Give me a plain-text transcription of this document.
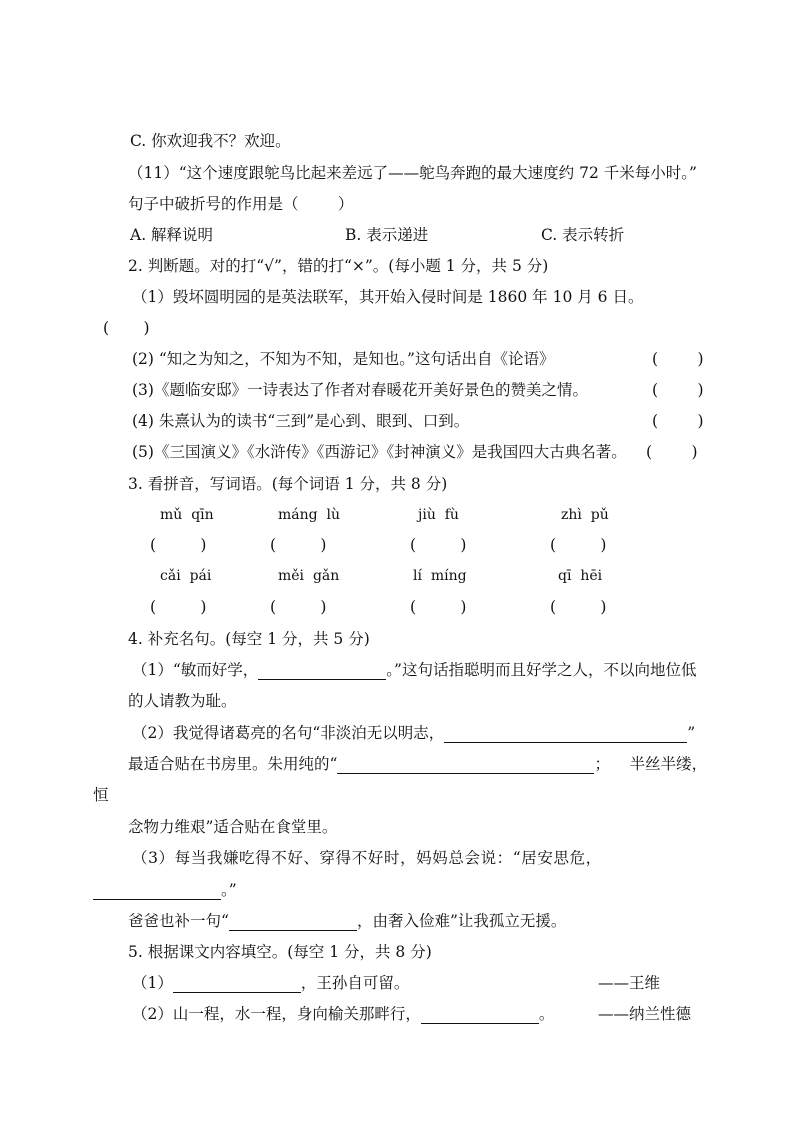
C. 你欢迎我不？欢迎。
（11）“这个速度跟鸵鸟比起来差远了——鸵鸟奔跑的最大速度约 72 千米每小时。”
句子中破折号的作用是（        ）
A. 解释说明	B. 表示递进	C. 表示转折
2. 判断题。对的打“√”，错的打“×”。(每小题 1 分，共 5 分)
（1）毁坏圆明园的是英法联军，其开始入侵时间是 1860 年 10 月 6 日。
(       )
(2) “知之为知之，不知为不知，是知也。”这句话出自《论语》	(        )
(3)《题临安邸》一诗表达了作者对春暖花开美好景色的赞美之情。	(        )
(4) 朱熹认为的读书“三到”是心到、眼到、口到。	(        )
(5)《三国演义》《水浒传》《西游记》《封神演义》是我国四大古典名著。 (        )
3. 看拼音，写词语。(每个词语 1 分，共 8 分)
mǔ  qīn	máng  lù	jiù  fù	zhì  pǔ
(         )	(         )	(         )	(         )
cǎi  pái	měi  gǎn	lí  míng	qī  hēi
(         )	(         )	(         )	(         )
4. 补充名句。(每空 1 分，共 5 分)
（1）“敏而好学，	。”这句话指聪明而且好学之人，不以向地位低
的人请教为耻。
（2）我觉得诸葛亮的名句“非淡泊无以明志，	”
最适合贴在书房里。朱用纯的“	；    半丝半缕，
恒
念物力维艰”适合贴在食堂里。
（3）每当我嫌吃得不好、穿得不好时，妈妈总会说：“居安思危，
。”
爸爸也补一句“	，由奢入俭难”让我孤立无援。
5. 根据课文内容填空。(每空 1 分，共 8 分)
（1）	，王孙自可留。	——王维
（2）山一程，水一程，身向榆关那畔行，	。	——纳兰性德
